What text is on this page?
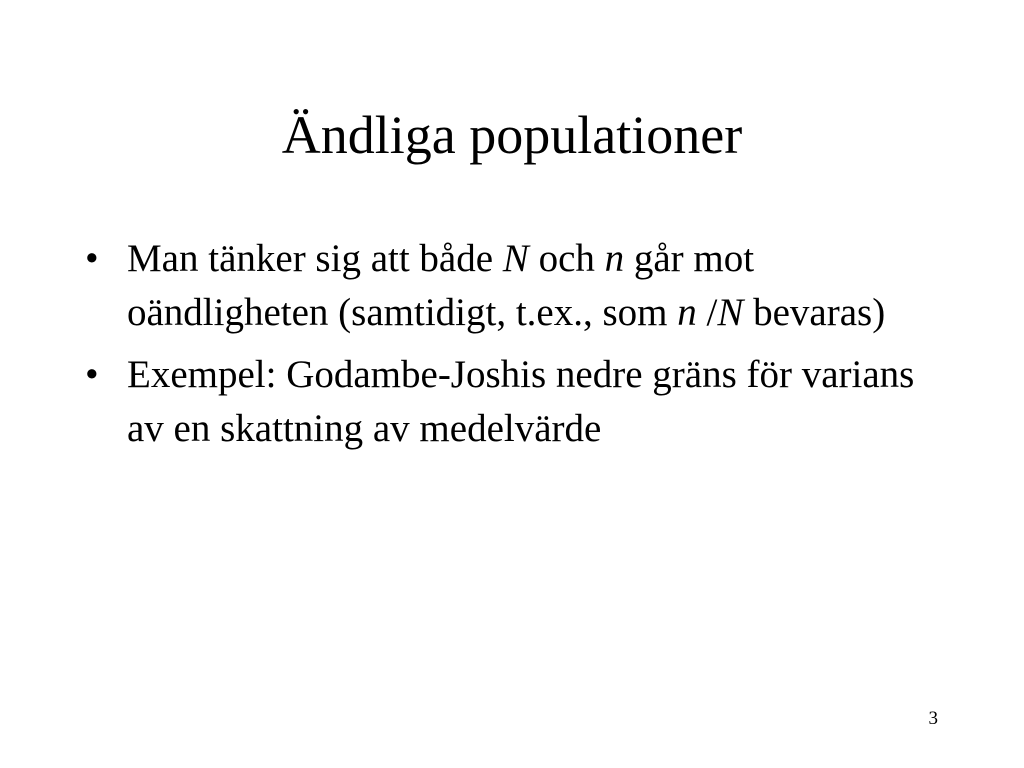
Ändliga populationer
• Man tänker sig att både N och n går mot oändligheten (samtidigt, t.ex., som n /N bevaras)
• Exempel: Godambe-Joshis nedre gräns för varians av en skattning av medelvärde
3
